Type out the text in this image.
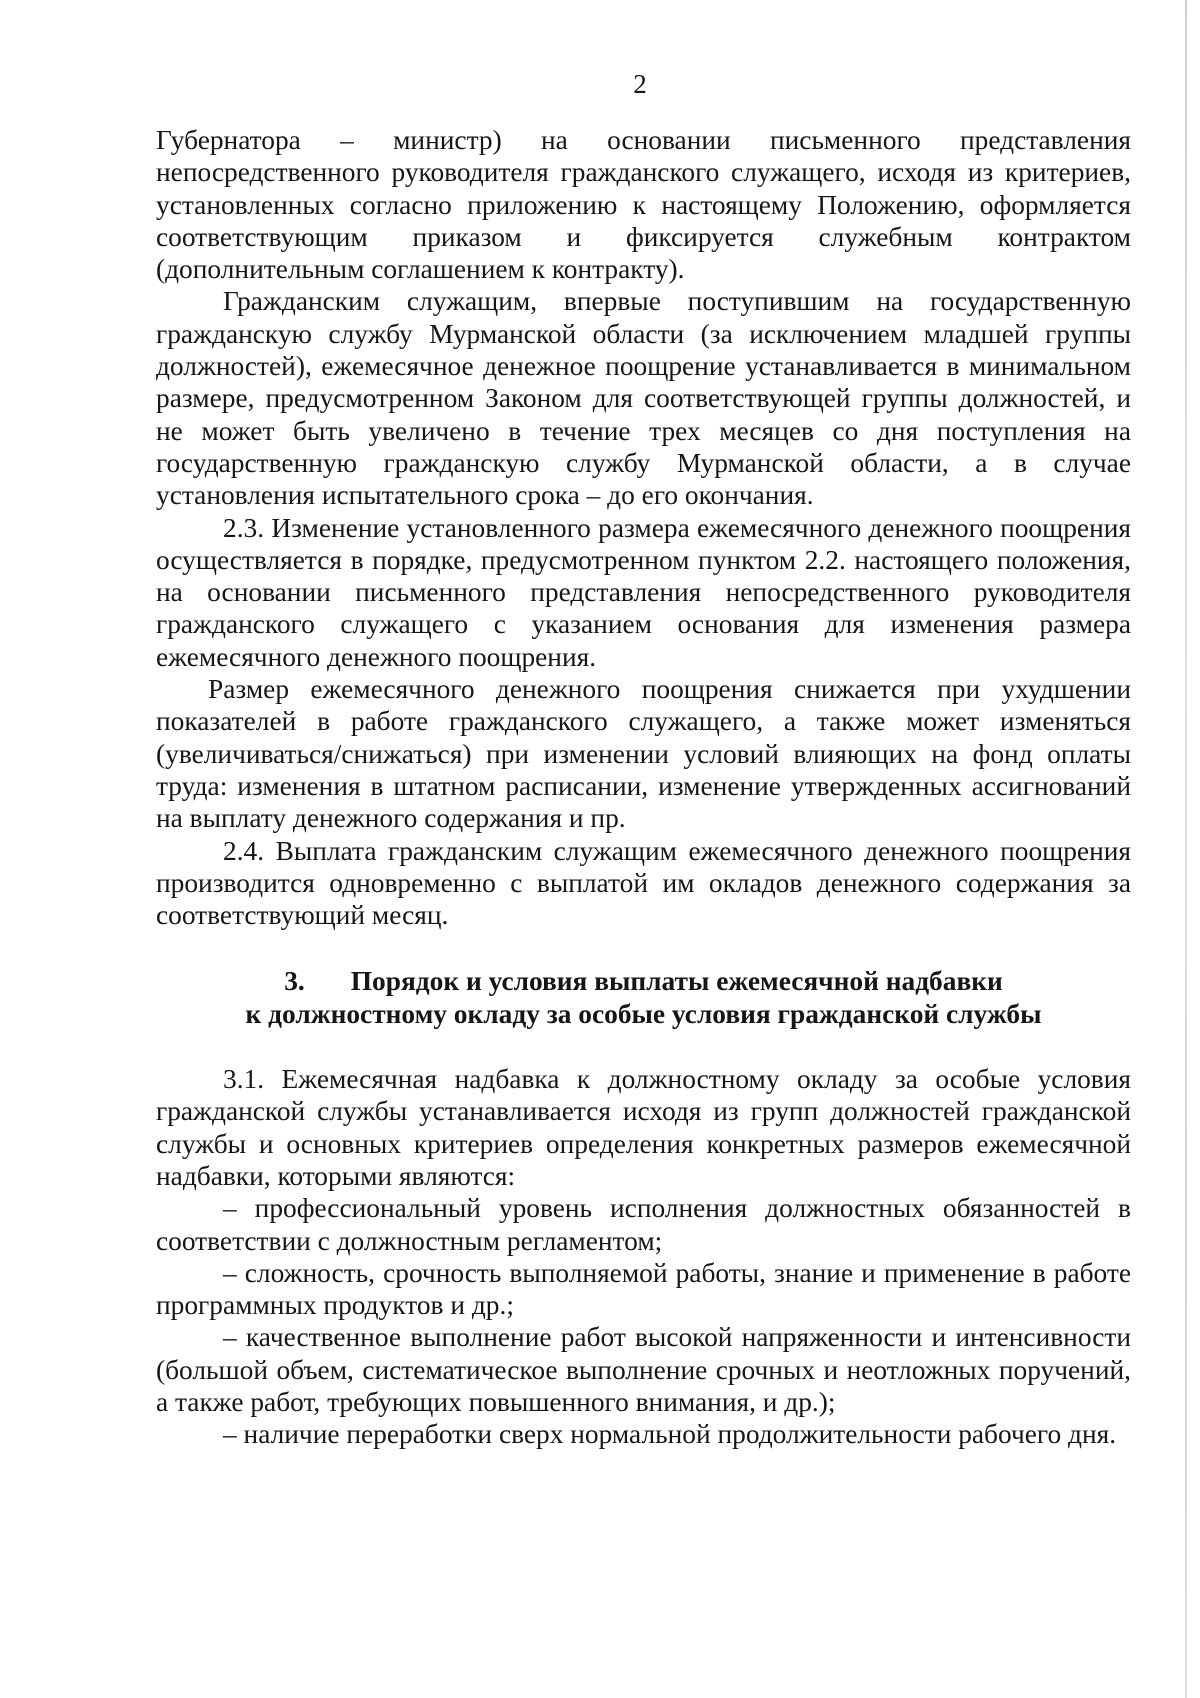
2

Губернатора – министр) на основании письменного представления непосредственного руководителя гражданского служащего, исходя из критериев, установленных согласно приложению к настоящему Положению, оформляется соответствующим приказом и фиксируется служебным контрактом (дополнительным соглашением к контракту).

Гражданским служащим, впервые поступившим на государственную гражданскую службу Мурманской области (за исключением младшей группы должностей), ежемесячное денежное поощрение устанавливается в минимальном размере, предусмотренном Законом для соответствующей группы должностей, и не может быть увеличено в течение трех месяцев со дня поступления на государственную гражданскую службу Мурманской области, а в случае установления испытательного срока – до его окончания.

2.3. Изменение установленного размера ежемесячного денежного поощрения осуществляется в порядке, предусмотренном пунктом 2.2. настоящего положения, на основании письменного представления непосредственного руководителя гражданского служащего с указанием основания для изменения размера ежемесячного денежного поощрения.

Размер ежемесячного денежного поощрения снижается при ухудшении показателей в работе гражданского служащего, а также может изменяться (увеличиваться/снижаться) при изменении условий влияющих на фонд оплаты труда: изменения в штатном расписании, изменение утвержденных ассигнований на выплату денежного содержания и пр.

2.4. Выплата гражданским служащим ежемесячного денежного поощрения производится одновременно с выплатой им окладов денежного содержания за соответствующий месяц.

3. Порядок и условия выплаты ежемесячной надбавки
к должностному окладу за особые условия гражданской службы

3.1. Ежемесячная надбавка к должностному окладу за особые условия гражданской службы устанавливается исходя из групп должностей гражданской службы и основных критериев определения конкретных размеров ежемесячной надбавки, которыми являются:

– профессиональный уровень исполнения должностных обязанностей в соответствии с должностным регламентом;

– сложность, срочность выполняемой работы, знание и применение в работе программных продуктов и др.;

– качественное выполнение работ высокой напряженности и интенсивности (большой объем, систематическое выполнение срочных и неотложных поручений, а также работ, требующих повышенного внимания, и др.);

– наличие переработки сверх нормальной продолжительности рабочего дня.
